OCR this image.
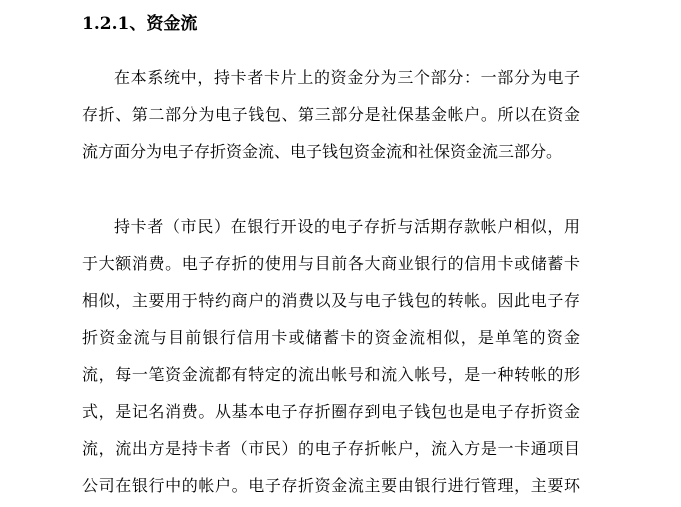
1.2.1、资金流
在本系统中，持卡者卡片上的资金分为三个部分：一部分为电子
存折、第二部分为电子钱包、第三部分是社保基金帐户。所以在资金
流方面分为电子存折资金流、电子钱包资金流和社保资金流三部分。
持卡者（市民）在银行开设的电子存折与活期存款帐户相似，用
于大额消费。电子存折的使用与目前各大商业银行的信用卡或储蓄卡
相似，主要用于特约商户的消费以及与电子钱包的转帐。因此电子存
折资金流与目前银行信用卡或储蓄卡的资金流相似，是单笔的资金
流，每一笔资金流都有特定的流出帐号和流入帐号，是一种转帐的形
式，是记名消费。从基本电子存折圈存到电子钱包也是电子存折资金
流，流出方是持卡者（市民）的电子存折帐户，流入方是一卡通项目
公司在银行中的帐户。电子存折资金流主要由银行进行管理，主要环
